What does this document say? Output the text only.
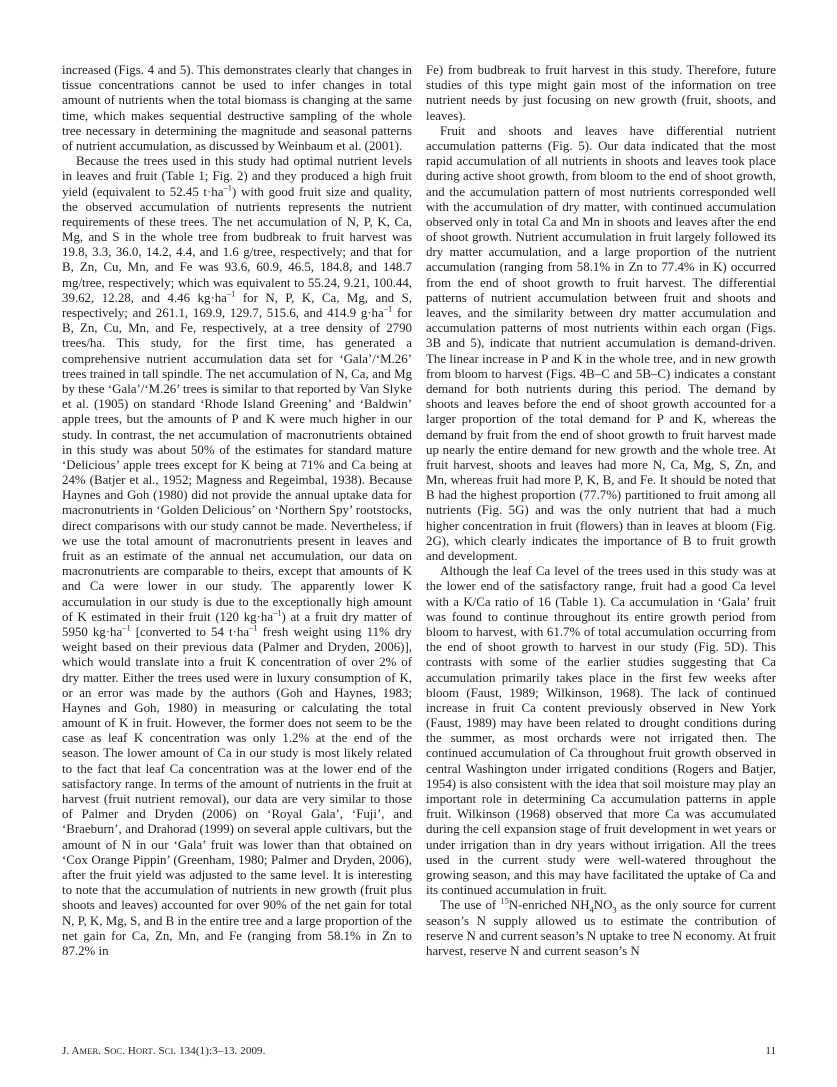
increased (Figs. 4 and 5). This demonstrates clearly that changes in tissue concentrations cannot be used to infer changes in total amount of nutrients when the total biomass is changing at the same time, which makes sequential destructive sampling of the whole tree necessary in determining the magnitude and seasonal patterns of nutrient accumulation, as discussed by Weinbaum et al. (2001).

Because the trees used in this study had optimal nutrient levels in leaves and fruit (Table 1; Fig. 2) and they produced a high fruit yield (equivalent to 52.45 $t\cdot ha^{-1}$) with good fruit size and quality, the observed accumulation of nutrients represents the nutrient requirements of these trees. The net accumulation of N, P, K, Ca, Mg, and S in the whole tree from budbreak to fruit harvest was 19.8, 3.3, 36.0, 14.2, 4.4, and 1.6 g/tree, respectively; and that for B, Zn, Cu, Mn, and Fe was 93.6, 60.9, 46.5, 184.8, and 148.7 mg/tree, respectively; which was equivalent to 55.24, 9.21, 100.44, 39.62, 12.28, and 4.46 $kg\cdot ha^{-1}$ for N, P, K, Ca, Mg, and S, respectively; and 261.1, 169.9, 129.7, 515.6, and 414.9 $g\cdot ha^{-1}$ for B, Zn, Cu, Mn, and Fe, respectively, at a tree density of 2790 trees/ha. This study, for the first time, has generated a comprehensive nutrient accumulation data set for ‘Gala’/‘M.26’ trees trained in tall spindle. The net accumulation of N, Ca, and Mg by these ‘Gala’/‘M.26’ trees is similar to that reported by Van Slyke et al. (1905) on standard ‘Rhode Island Greening’ and ‘Baldwin’ apple trees, but the amounts of P and K were much higher in our study. In contrast, the net accumulation of macronutrients obtained in this study was about 50% of the estimates for standard mature ‘Delicious’ apple trees except for K being at 71% and Ca being at 24% (Batjer et al., 1952; Magness and Regeimbal, 1938). Because Haynes and Goh (1980) did not provide the annual uptake data for macronutrients in ‘Golden Delicious’ on ‘Northern Spy’ rootstocks, direct comparisons with our study cannot be made. Nevertheless, if we use the total amount of macronutrients present in leaves and fruit as an estimate of the annual net accumulation, our data on macronutrients are comparable to theirs, except that amounts of K and Ca were lower in our study. The apparently lower K accumulation in our study is due to the exceptionally high amount of K estimated in their fruit (120 $kg\cdot ha^{-1}$) at a fruit dry matter of 5950 $kg\cdot ha^{-1}$ [converted to 54 $t\cdot ha^{-1}$ fresh weight using 11% dry weight based on their previous data (Palmer and Dryden, 2006)], which would translate into a fruit K concentration of over 2% of dry matter. Either the trees used were in luxury consumption of K, or an error was made by the authors (Goh and Haynes, 1983; Haynes and Goh, 1980) in measuring or calculating the total amount of K in fruit. However, the former does not seem to be the case as leaf K concentration was only 1.2% at the end of the season. The lower amount of Ca in our study is most likely related to the fact that leaf Ca concentration was at the lower end of the satisfactory range. In terms of the amount of nutrients in the fruit at harvest (fruit nutrient removal), our data are very similar to those of Palmer and Dryden (2006) on ‘Royal Gala’, ‘Fuji’, and ‘Braeburn’, and Drahorad (1999) on several apple cultivars, but the amount of N in our ‘Gala’ fruit was lower than that obtained on ‘Cox Orange Pippin’ (Greenham, 1980; Palmer and Dryden, 2006), after the fruit yield was adjusted to the same level. It is interesting to note that the accumulation of nutrients in new growth (fruit plus shoots and leaves) accounted for over 90% of the net gain for total N, P, K, Mg, S, and B in the entire tree and a large proportion of the net gain for Ca, Zn, Mn, and Fe (ranging from 58.1% in Zn to 87.2% in

Fe) from budbreak to fruit harvest in this study. Therefore, future studies of this type might gain most of the information on tree nutrient needs by just focusing on new growth (fruit, shoots, and leaves).

Fruit and shoots and leaves have differential nutrient accumulation patterns (Fig. 5). Our data indicated that the most rapid accumulation of all nutrients in shoots and leaves took place during active shoot growth, from bloom to the end of shoot growth, and the accumulation pattern of most nutrients corresponded well with the accumulation of dry matter, with continued accumulation observed only in total Ca and Mn in shoots and leaves after the end of shoot growth. Nutrient accumulation in fruit largely followed its dry matter accumulation, and a large proportion of the nutrient accumulation (ranging from 58.1% in Zn to 77.4% in K) occurred from the end of shoot growth to fruit harvest. The differential patterns of nutrient accumulation between fruit and shoots and leaves, and the similarity between dry matter accumulation and accumulation patterns of most nutrients within each organ (Figs. 3B and 5), indicate that nutrient accumulation is demand-driven. The linear increase in P and K in the whole tree, and in new growth from bloom to harvest (Figs. 4B–C and 5B–C) indicates a constant demand for both nutrients during this period. The demand by shoots and leaves before the end of shoot growth accounted for a larger proportion of the total demand for P and K, whereas the demand by fruit from the end of shoot growth to fruit harvest made up nearly the entire demand for new growth and the whole tree. At fruit harvest, shoots and leaves had more N, Ca, Mg, S, Zn, and Mn, whereas fruit had more P, K, B, and Fe. It should be noted that B had the highest proportion (77.7%) partitioned to fruit among all nutrients (Fig. 5G) and was the only nutrient that had a much higher concentration in fruit (flowers) than in leaves at bloom (Fig. 2G), which clearly indicates the importance of B to fruit growth and development.

Although the leaf Ca level of the trees used in this study was at the lower end of the satisfactory range, fruit had a good Ca level with a K/Ca ratio of 16 (Table 1). Ca accumulation in ‘Gala’ fruit was found to continue throughout its entire growth period from bloom to harvest, with 61.7% of total accumulation occurring from the end of shoot growth to harvest in our study (Fig. 5D). This contrasts with some of the earlier studies suggesting that Ca accumulation primarily takes place in the first few weeks after bloom (Faust, 1989; Wilkinson, 1968). The lack of continued increase in fruit Ca content previously observed in New York (Faust, 1989) may have been related to drought conditions during the summer, as most orchards were not irrigated then. The continued accumulation of Ca throughout fruit growth observed in central Washington under irrigated conditions (Rogers and Batjer, 1954) is also consistent with the idea that soil moisture may play an important role in determining Ca accumulation patterns in apple fruit. Wilkinson (1968) observed that more Ca was accumulated during the cell expansion stage of fruit development in wet years or under irrigation than in dry years without irrigation. All the trees used in the current study were well-watered throughout the growing season, and this may have facilitated the uptake of Ca and its continued accumulation in fruit.

The use of $^{15}$N-enriched $NH_4NO_3$ as the only source for current season’s N supply allowed us to estimate the contribution of reserve N and current season’s N uptake to tree N economy. At fruit harvest, reserve N and current season’s N

J. AMER. SOC. HORT. SCI. 134(1):3–13. 2009.	11
